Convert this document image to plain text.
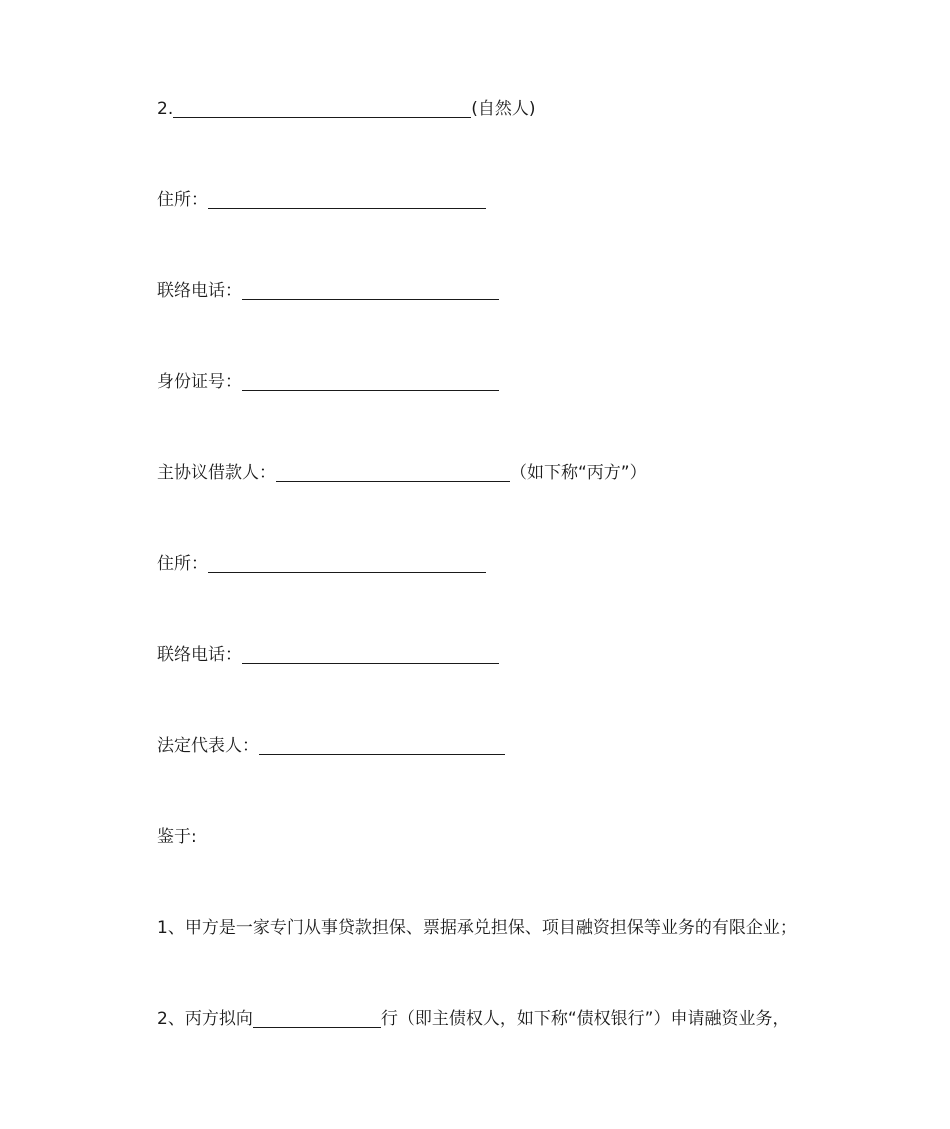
2.	(自然人)
住所：
联络电话：
身份证号：
主协议借款人：	（如下称“丙方”）
住所：
联络电话：
法定代表人：
鉴于:
1、甲方是一家专门从事贷款担保、票据承兑担保、项目融资担保等业务的有限企业；
2、丙方拟向	行（即主债权人，如下称“债权银行”）申请融资业务，
